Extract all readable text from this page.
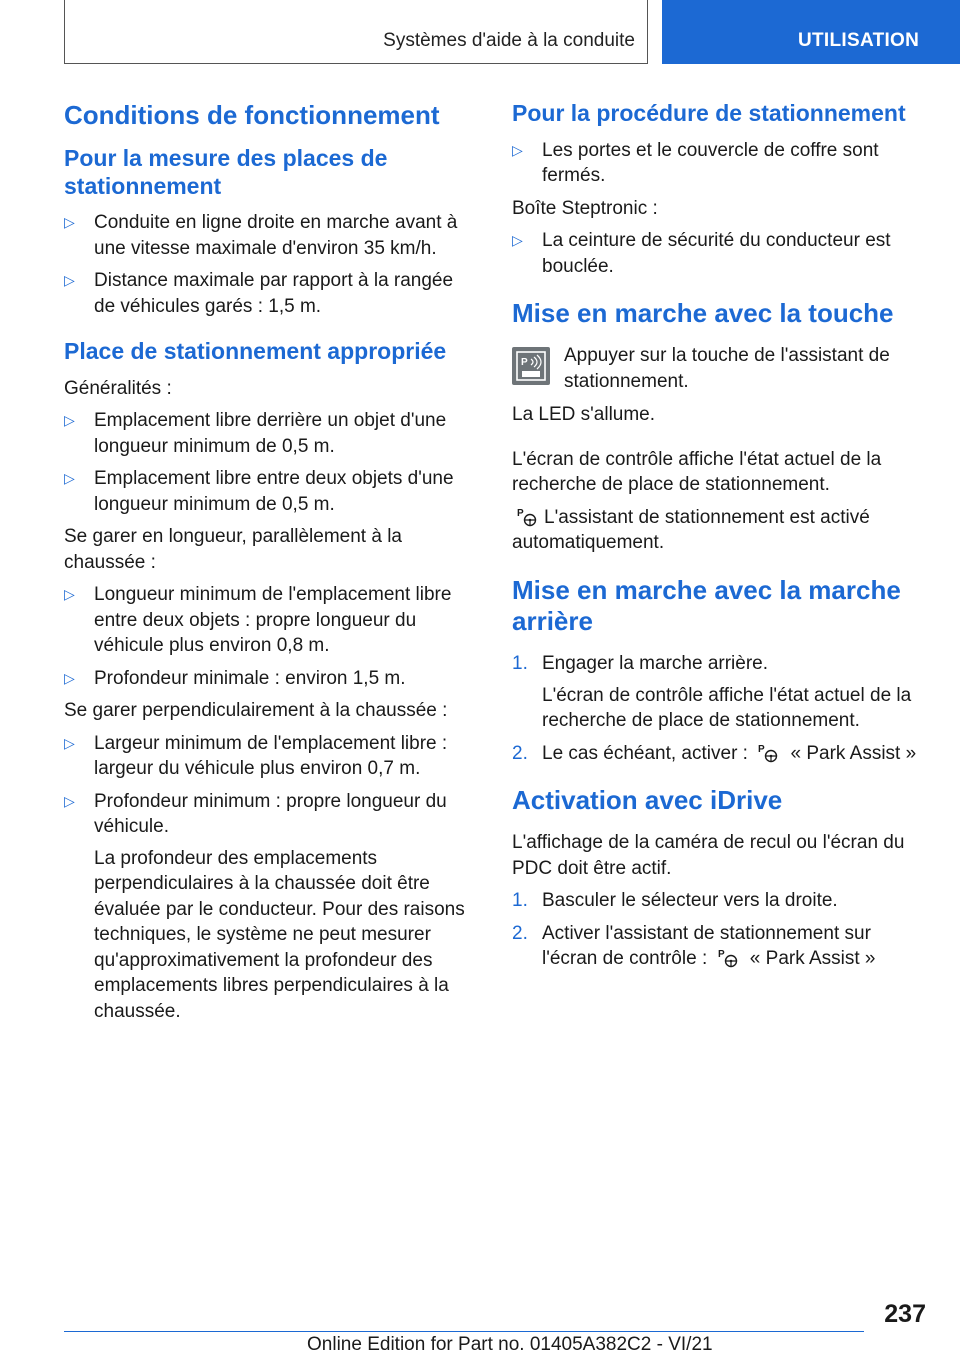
Systèmes d'aide à la conduite	UTILISATION
Conditions de fonctionnement
Pour la mesure des places de stationnement
▷ Conduite en ligne droite en marche avant à une vitesse maximale d'environ 35 km/h.
▷ Distance maximale par rapport à la rangée de véhicules garés : 1,5 m.
Place de stationnement appropriée

Généralités :

▷ Emplacement libre derrière un objet d'une longueur minimum de 0,5 m.
▷ Emplacement libre entre deux objets d'une longueur minimum de 0,5 m.

Se garer en longueur, parallèlement à la chaussée :

▷ Longueur minimum de l'emplacement libre entre deux objets : propre longueur du véhicule plus environ 0,8 m.
▷ Profondeur minimale : environ 1,5 m.

Se garer perpendiculairement à la chaussée :

▷ Largeur minimum de l'emplacement libre : largeur du véhicule plus environ 0,7 m.
▷ Profondeur minimum : propre longueur du véhicule.
La profondeur des emplacements perpendiculaires à la chaussée doit être évaluée par le conducteur. Pour des raisons techniques, le système ne peut mesurer qu'approximativement la profondeur des emplacements libres perpendiculaires à la chaussée.
Pour la procédure de stationnement
▷ Les portes et le couvercle de coffre sont fermés.

Boîte Steptronic :

▷ La ceinture de sécurité du conducteur est bouclée.
Mise en marche avec la touche
P Appuyer sur la touche de l'assistant de stationnement.

La LED s'allume.

L'écran de contrôle affiche l'état actuel de la recherche de place de stationnement.

P L'assistant de stationnement est activé automatiquement.

Mise en marche avec la marche arrière
1. Engager la marche arrière.
L'écran de contrôle affiche l'état actuel de la recherche de place de stationnement.
2. Le cas échéant, activer : P « Park Assist »
Activation avec iDrive

L'affichage de la caméra de recul ou l'écran du PDC doit être actif.

1. Basculer le sélecteur vers la droite.
2. Activer l'assistant de stationnement sur l'écran de contrôle : P « Park Assist »
237
Online Edition for Part no. 01405A382C2 - VI/21
